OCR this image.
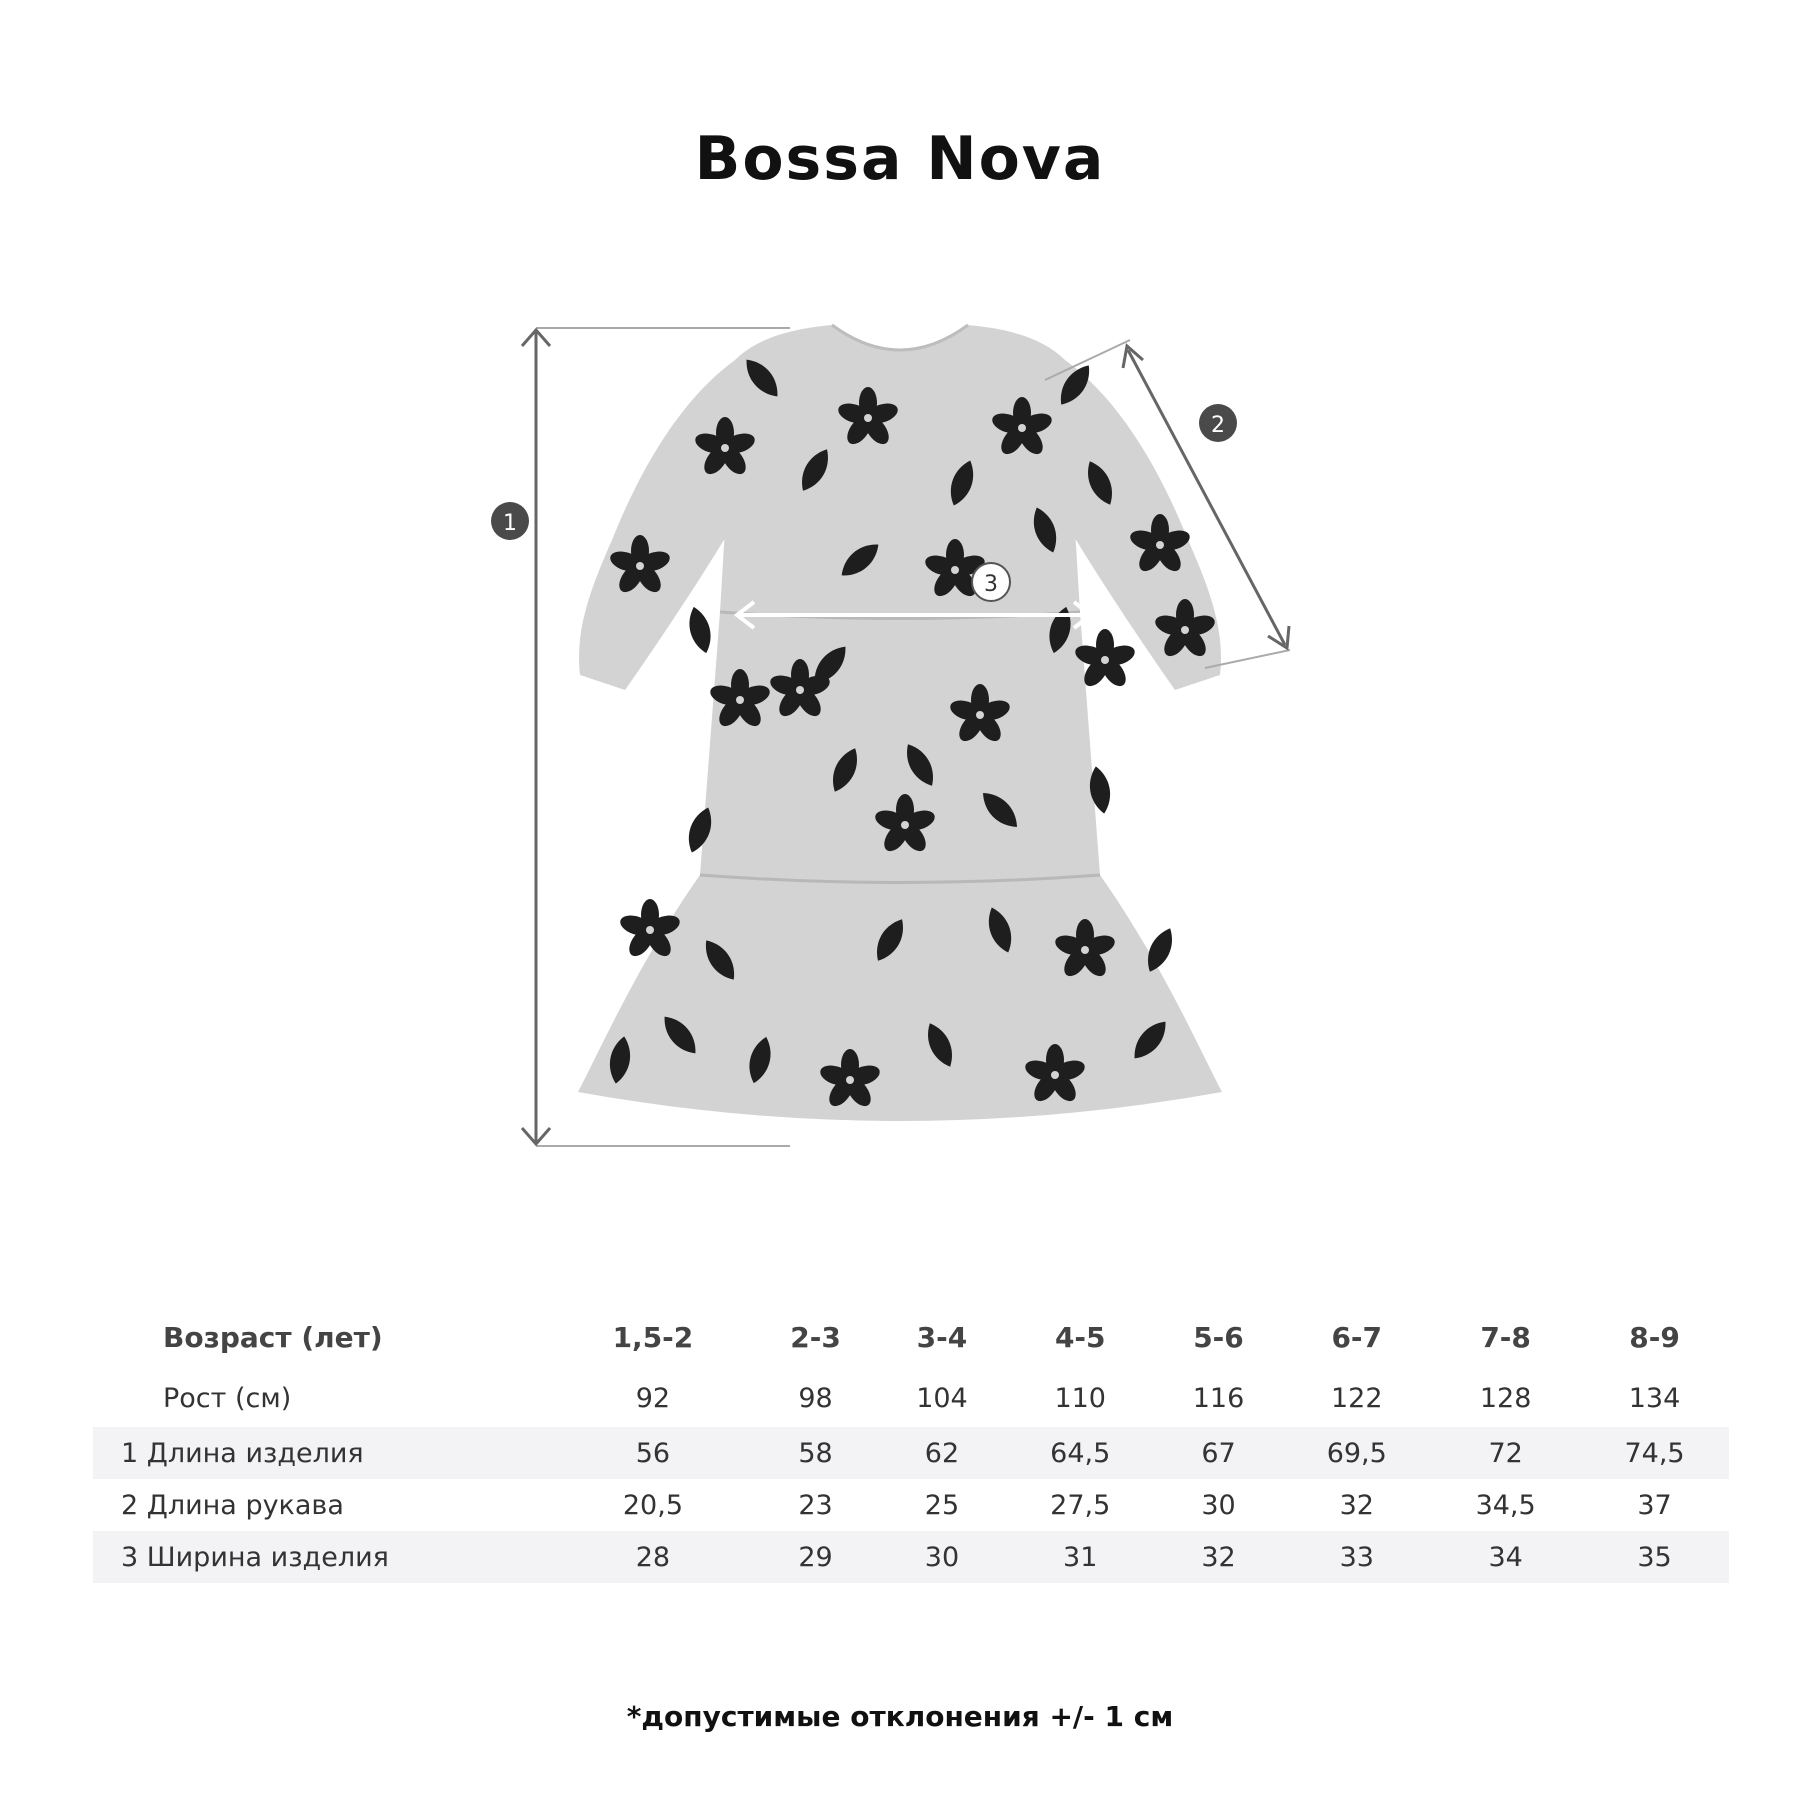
Bossa Nova
1
2
3
Возраст (лет)	1,5-2	2-3	3-4	4-5	5-6	6-7	7-8	8-9
Рост (см)	92	98	104	110	116	122	128	134
1 Длина изделия	56	58	62	64,5	67	69,5	72	74,5
2 Длина рукава	20,5	23	25	27,5	30	32	34,5	37
3 Ширина изделия	28	29	30	31	32	33	34	35
*допустимые отклонения +/- 1 см
